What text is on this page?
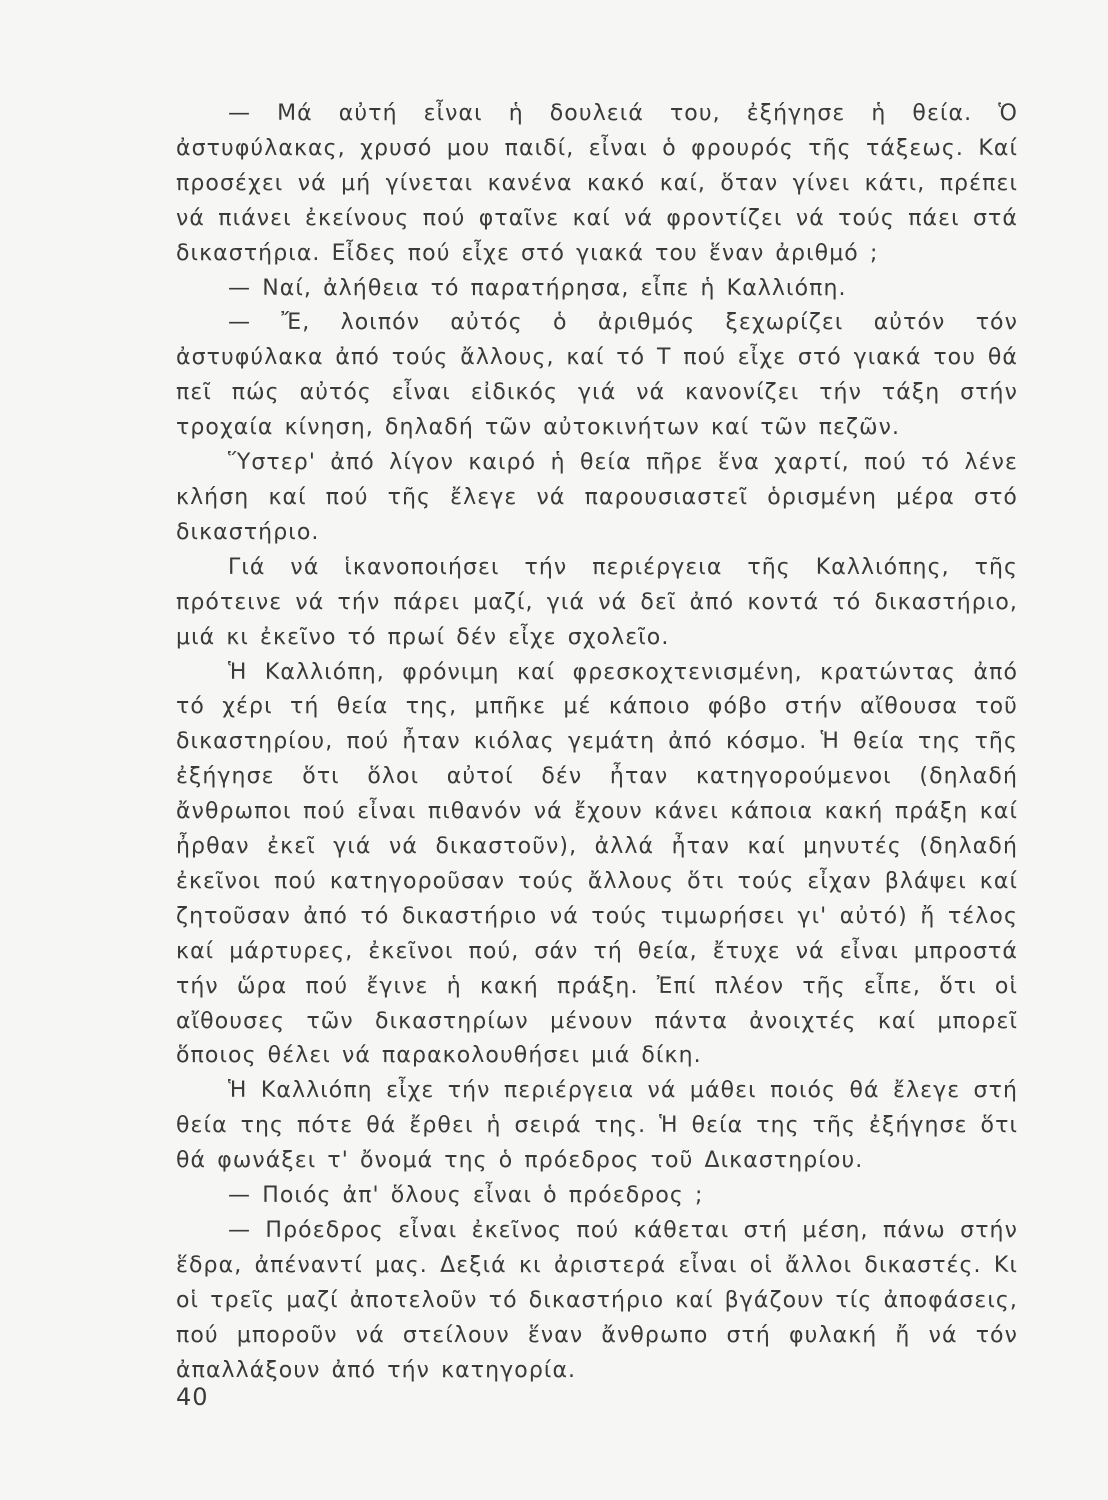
— Μά αὐτή εἶναι ἡ δουλειά του, ἐξήγησε ἡ θεία. Ὁ ἀστυφύλακας, χρυσό μου παιδί, εἶναι ὁ φρουρός τῆς τάξεως. Καί προσέχει νά μή γίνεται κανένα κακό καί, ὅταν γίνει κάτι, πρέπει νά πιάνει ἐκείνους πού φταῖνε καί νά φροντίζει νά τούς πάει στά δικαστήρια. Εἶδες πού εἶχε στό γιακά του ἕναν ἀριθμό ;

— Ναί, ἀλήθεια τό παρατήρησα, εἶπε ἡ Καλλιόπη.

— Ἔ, λοιπόν αὐτός ὁ ἀριθμός ξεχωρίζει αὐτόν τόν ἀστυφύλακα ἀπό τούς ἄλλους, καί τό Τ πού εἶχε στό γιακά του θά πεῖ πώς αὐτός εἶναι εἰδικός γιά νά κανονίζει τήν τάξη στήν τροχαία κίνηση, δηλαδή τῶν αὐτοκινήτων καί τῶν πεζῶν.

Ὕστερ' ἀπό λίγον καιρό ἡ θεία πῆρε ἕνα χαρτί, πού τό λένε κλήση καί πού τῆς ἔλεγε νά παρουσιαστεῖ ὁρισμένη μέρα στό δικαστήριο.

Γιά νά ἱκανοποιήσει τήν περιέργεια τῆς Καλλιόπης, τῆς πρότεινε νά τήν πάρει μαζί, γιά νά δεῖ ἀπό κοντά τό δικαστήριο, μιά κι ἐκεῖνο τό πρωί δέν εἶχε σχολεῖο.

Ἡ Καλλιόπη, φρόνιμη καί φρεσκοχτενισμένη, κρατώντας ἀπό τό χέρι τή θεία της, μπῆκε μέ κάποιο φόβο στήν αἴθουσα τοῦ δικαστηρίου, πού ἦταν κιόλας γεμάτη ἀπό κόσμο. Ἡ θεία της τῆς ἐξήγησε ὅτι ὅλοι αὐτοί δέν ἦταν κατηγορούμενοι (δηλαδή ἄνθρωποι πού εἶναι πιθανόν νά ἔχουν κάνει κάποια κακή πράξη καί ἦρθαν ἐκεῖ γιά νά δικαστοῦν), ἀλλά ἦταν καί μηνυτές (δηλαδή ἐκεῖνοι πού κατηγοροῦσαν τούς ἄλλους ὅτι τούς εἶχαν βλάψει καί ζητοῦσαν ἀπό τό δικαστήριο νά τούς τιμωρήσει γι' αὐτό) ἤ τέλος καί μάρτυρες, ἐκεῖνοι πού, σάν τή θεία, ἔτυχε νά εἶναι μπροστά τήν ὥρα πού ἔγινε ἡ κακή πράξη. Ἐπί πλέον τῆς εἶπε, ὅτι οἱ αἴθουσες τῶν δικαστηρίων μένουν πάντα ἀνοιχτές καί μπορεῖ ὅποιος θέλει νά παρακολουθήσει μιά δίκη.

Ἡ Καλλιόπη εἶχε τήν περιέργεια νά μάθει ποιός θά ἔλεγε στή θεία της πότε θά ἔρθει ἡ σειρά της. Ἡ θεία της τῆς ἐξήγησε ὅτι θά φωνάξει τ' ὄνομά της ὁ πρόεδρος τοῦ Δικαστηρίου.

— Ποιός ἀπ' ὅλους εἶναι ὁ πρόεδρος ;

— Πρόεδρος εἶναι ἐκεῖνος πού κάθεται στή μέση, πάνω στήν ἕδρα, ἀπέναντί μας. Δεξιά κι ἀριστερά εἶναι οἱ ἄλλοι δικαστές. Κι οἱ τρεῖς μαζί ἀποτελοῦν τό δικαστήριο καί βγάζουν τίς ἀποφάσεις, πού μποροῦν νά στείλουν ἕναν ἄνθρωπο στή φυλακή ἤ νά τόν ἀπαλλάξουν ἀπό τήν κατηγορία.

40
